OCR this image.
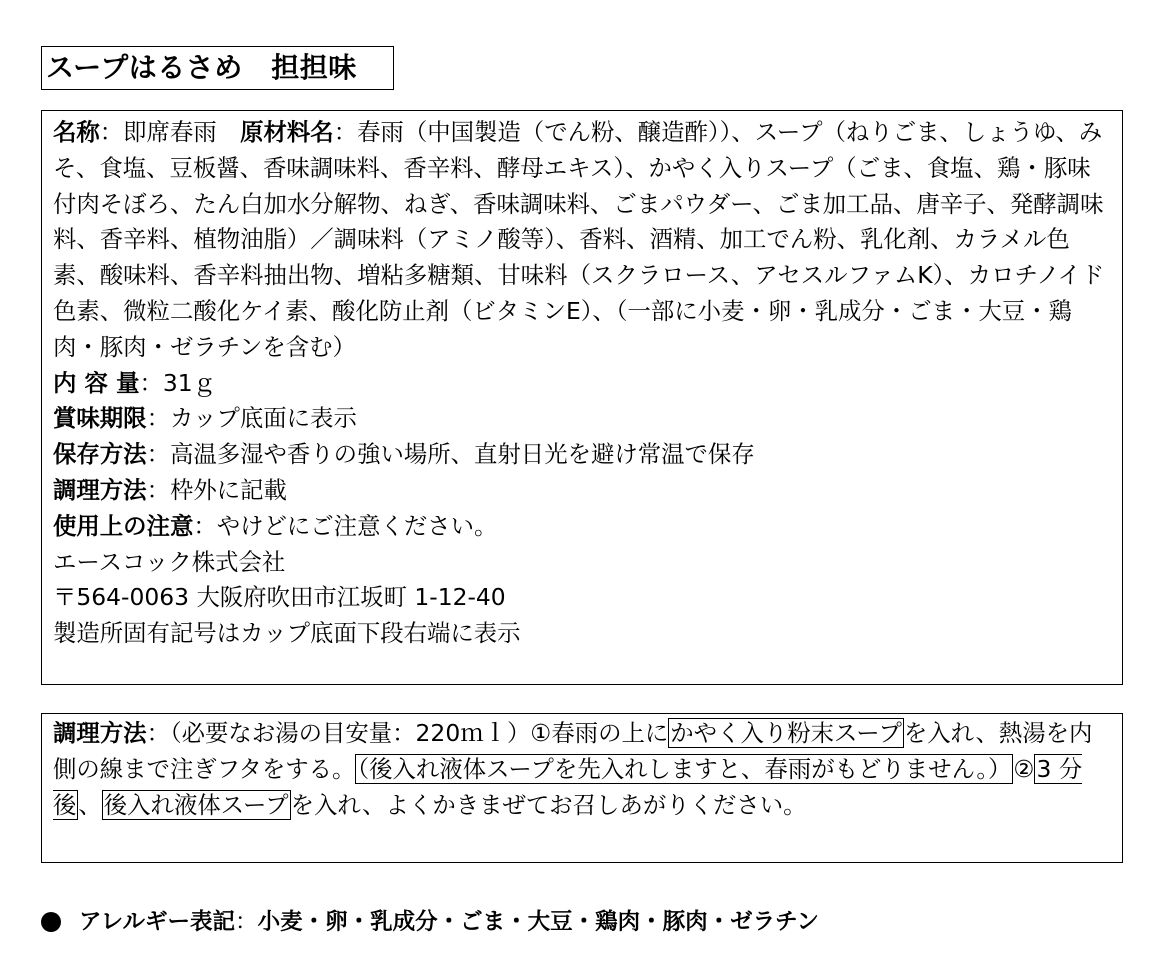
スープはるさめ　担担味

名称：即席春雨　 原材料名：春雨（中国製造（でん粉、醸造酢））、スープ（ねりごま、しょうゆ、みそ、食塩、豆板醤、香味調味料、香辛料、酵母エキス）、かやく入りスープ（ごま、食塩、鶏・豚味付肉そぼろ、たん白加水分解物、ねぎ、香味調味料、ごまパウダー、ごま加工品、唐辛子、発酵調味料、香辛料、植物油脂）／調味料（アミノ酸等）、香料、酒精、加工でん粉、乳化剤、カラメル色素、酸味料、香辛料抽出物、増粘多糖類、甘味料（スクラロース、アセスルファムK）、カロチノイド色素、微粒二酸化ケイ素、酸化防止剤（ビタミンE）、（一部に小麦・卵・乳成分・ごま・大豆・鶏肉・豚肉・ゼラチンを含む）

内 容 量：31ｇ

賞味期限：カップ底面に表示

保存方法：高温多湿や香りの強い場所、直射日光を避け常温で保存

調理方法：枠外に記載

使用上の注意：やけどにご注意ください。

エースコック株式会社

〒564-0063 大阪府吹田市江坂町 1-12-40

製造所固有記号はカップ底面下段右端に表示

調理方法：（必要なお湯の目安量：220ｍｌ）①春雨の上にかやく入り粉末スープを入れ、熱湯を内側の線まで注ぎフタをする。（後入れ液体スープを先入れしますと、春雨がもどりません。）②3 分後、後入れ液体スープを入れ、よくかきまぜてお召しあがりください。

アレルギー表記：小麦・卵・乳成分・ごま・大豆・鶏肉・豚肉・ゼラチン
